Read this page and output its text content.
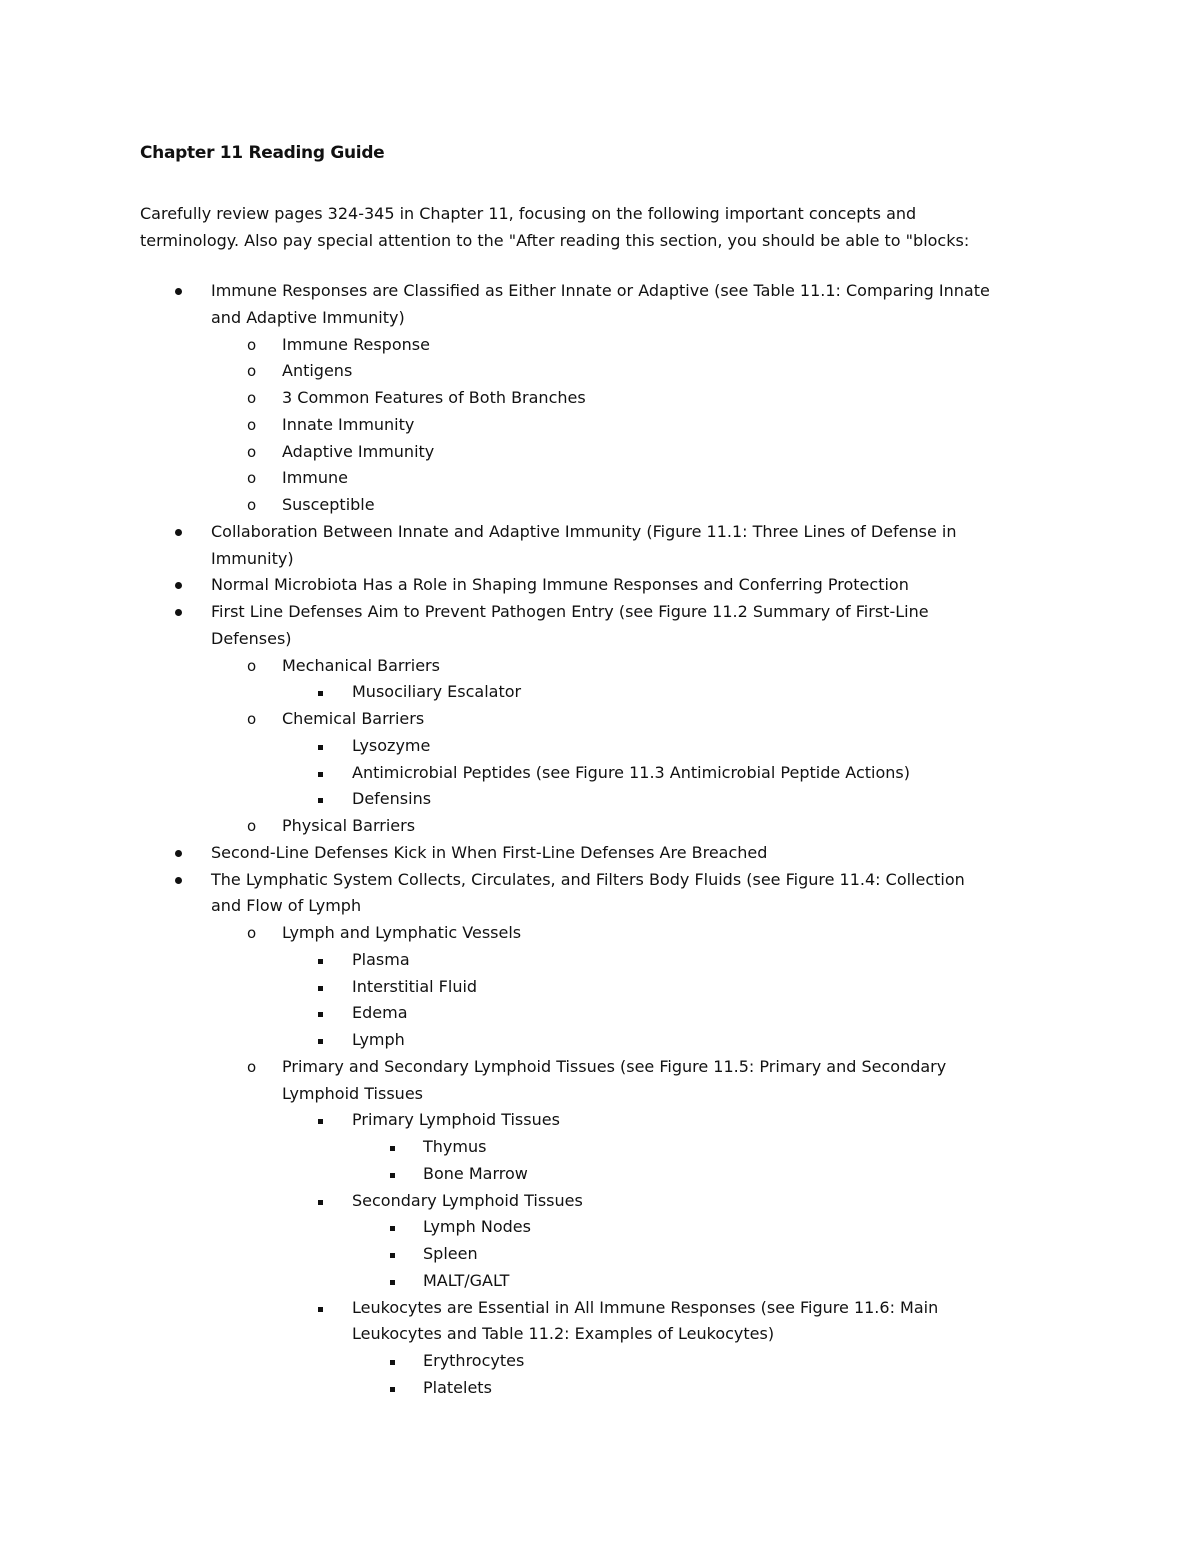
Chapter 11 Reading Guide
Carefully review pages 324-345 in Chapter 11, focusing on the following important concepts and
terminology. Also pay special attention to the "After reading this section, you should be able to "blocks:
Immune Responses are Classified as Either Innate or Adaptive (see Table 11.1: Comparing Innate
and Adaptive Immunity)
o	Immune Response
o	Antigens
o	3 Common Features of Both Branches
o	Innate Immunity
o	Adaptive Immunity
o	Immune
o	Susceptible
Collaboration Between Innate and Adaptive Immunity (Figure 11.1: Three Lines of Defense in
Immunity)
Normal Microbiota Has a Role in Shaping Immune Responses and Conferring Protection
First Line Defenses Aim to Prevent Pathogen Entry (see Figure 11.2 Summary of First-Line
Defenses)
o	Mechanical Barriers
Musociliary Escalator
o	Chemical Barriers
Lysozyme
Antimicrobial Peptides (see Figure 11.3 Antimicrobial Peptide Actions)
Defensins
o	Physical Barriers
Second-Line Defenses Kick in When First-Line Defenses Are Breached
The Lymphatic System Collects, Circulates, and Filters Body Fluids (see Figure 11.4: Collection
and Flow of Lymph
o	Lymph and Lymphatic Vessels
Plasma
Interstitial Fluid
Edema
Lymph
o	Primary and Secondary Lymphoid Tissues (see Figure 11.5: Primary and Secondary
Lymphoid Tissues
Primary Lymphoid Tissues
Thymus
Bone Marrow
Secondary Lymphoid Tissues
Lymph Nodes
Spleen
MALT/GALT
Leukocytes are Essential in All Immune Responses (see Figure 11.6: Main
Leukocytes and Table 11.2: Examples of Leukocytes)
Erythrocytes
Platelets
